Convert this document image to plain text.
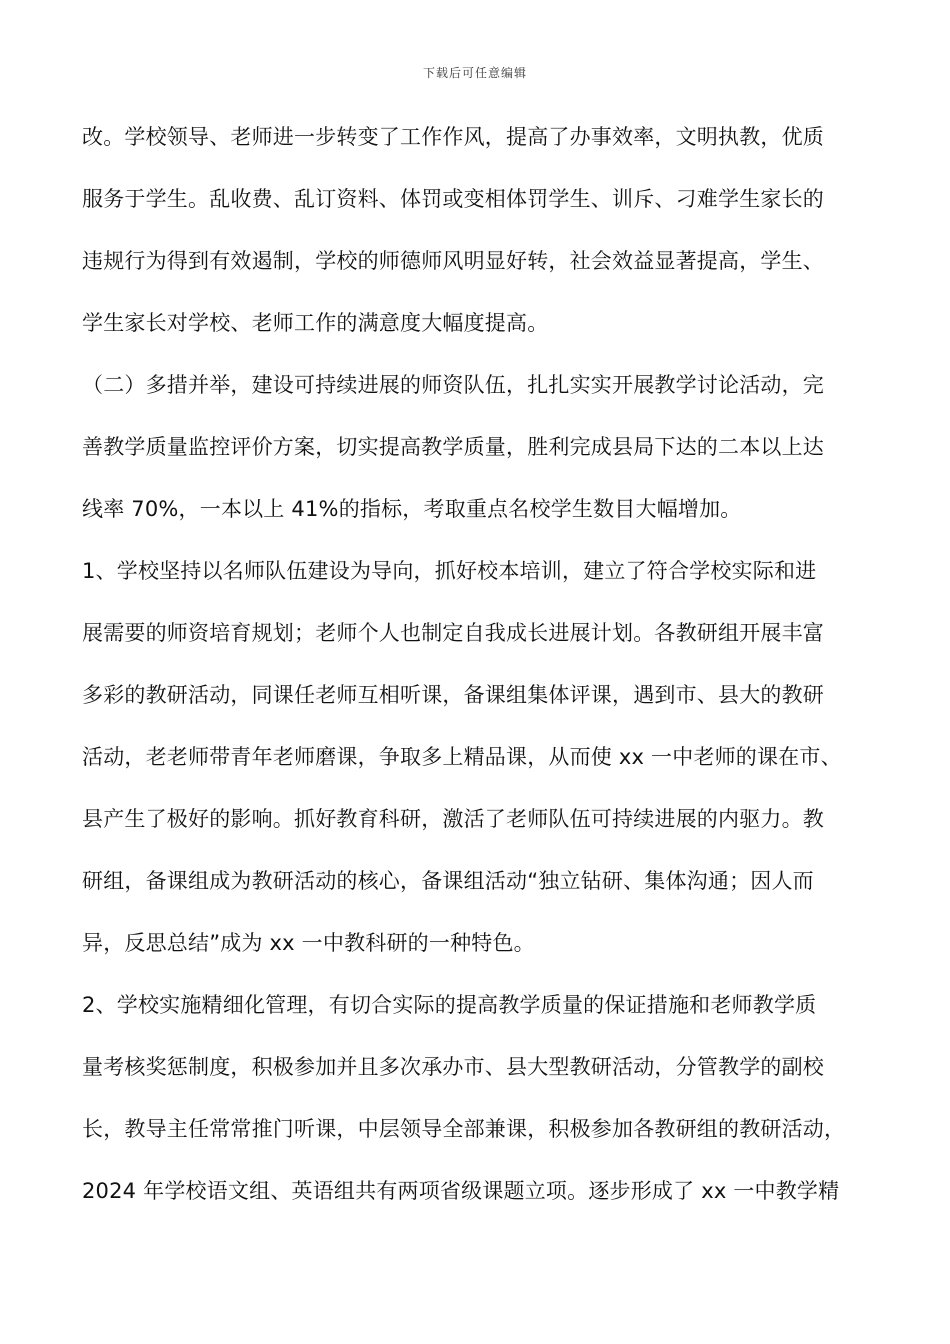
下载后可任意编辑
改。学校领导、老师进一步转变了工作作风，提高了办事效率，文明执教，优质
服务于学生。乱收费、乱订资料、体罚或变相体罚学生、训斥、刁难学生家长的
违规行为得到有效遏制，学校的师德师风明显好转，社会效益显著提高，学生、
学生家长对学校、老师工作的满意度大幅度提高。
（二）多措并举，建设可持续进展的师资队伍，扎扎实实开展教学讨论活动，完
善教学质量监控评价方案，切实提高教学质量，胜利完成县局下达的二本以上达
线率 70%，一本以上 41%的指标，考取重点名校学生数目大幅增加。
1、学校坚持以名师队伍建设为导向，抓好校本培训，建立了符合学校实际和进
展需要的师资培育规划；老师个人也制定自我成长进展计划。各教研组开展丰富
多彩的教研活动，同课任老师互相听课，备课组集体评课，遇到市、县大的教研
活动，老老师带青年老师磨课，争取多上精品课，从而使 xx 一中老师的课在市、
县产生了极好的影响。抓好教育科研，激活了老师队伍可持续进展的内驱力。教
研组，备课组成为教研活动的核心，备课组活动“独立钻研、集体沟通；因人而
异，反思总结”成为 xx 一中教科研的一种特色。
2、学校实施精细化管理，有切合实际的提高教学质量的保证措施和老师教学质
量考核奖惩制度，积极参加并且多次承办市、县大型教研活动，分管教学的副校
长，教导主任常常推门听课，中层领导全部兼课，积极参加各教研组的教研活动，
2024 年学校语文组、英语组共有两项省级课题立项。逐步形成了 xx 一中教学精
